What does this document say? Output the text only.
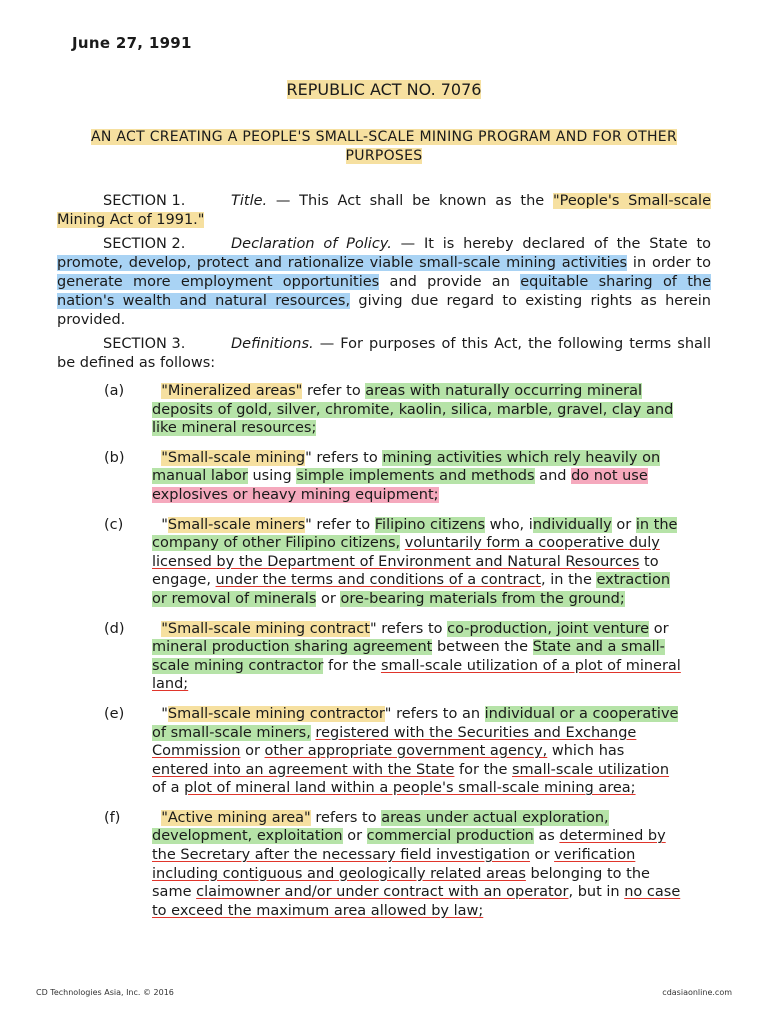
June 27, 1991
REPUBLIC ACT NO. 7076
AN ACT CREATING A PEOPLE'S SMALL-SCALE MINING PROGRAM AND FOR OTHER PURPOSES

SECTION 1.	Title. — This Act shall be known as the "People's Small-scale Mining Act of 1991."

SECTION 2.	Declaration of Policy. — It is hereby declared of the State to promote, develop, protect and rationalize viable small-scale mining activities in order to generate more employment opportunities and provide an equitable sharing of the nation's wealth and natural resources, giving due regard to existing rights as herein provided.

SECTION 3.	Definitions. — For purposes of this Act, the following terms shall be defined as follows:

(a)	"Mineralized areas" refer to areas with naturally occurring mineral deposits of gold, silver, chromite, kaolin, silica, marble, gravel, clay and like mineral resources;
(b)	"Small-scale mining" refers to mining activities which rely heavily on manual labor using simple implements and methods and do not use explosives or heavy mining equipment;
(c)	"Small-scale miners" refer to Filipino citizens who, individually or in the company of other Filipino citizens, voluntarily form a cooperative duly licensed by the Department of Environment and Natural Resources to engage, under the terms and conditions of a contract, in the extraction or removal of minerals or ore-bearing materials from the ground;
(d)	"Small-scale mining contract" refers to co-production, joint venture or mineral production sharing agreement between the State and a small-scale mining contractor for the small-scale utilization of a plot of mineral land;
(e)	"Small-scale mining contractor" refers to an individual or a cooperative of small-scale miners, registered with the Securities and Exchange Commission or other appropriate government agency, which has entered into an agreement with the State for the small-scale utilization of a plot of mineral land within a people's small-scale mining area;
(f)	"Active mining area" refers to areas under actual exploration, development, exploitation or commercial production as determined by the Secretary after the necessary field investigation or verification including contiguous and geologically related areas belonging to the same claimowner and/or under contract with an operator, but in no case to exceed the maximum area allowed by law;
CD Technologies Asia, Inc. © 2016	cdasiaonline.com
